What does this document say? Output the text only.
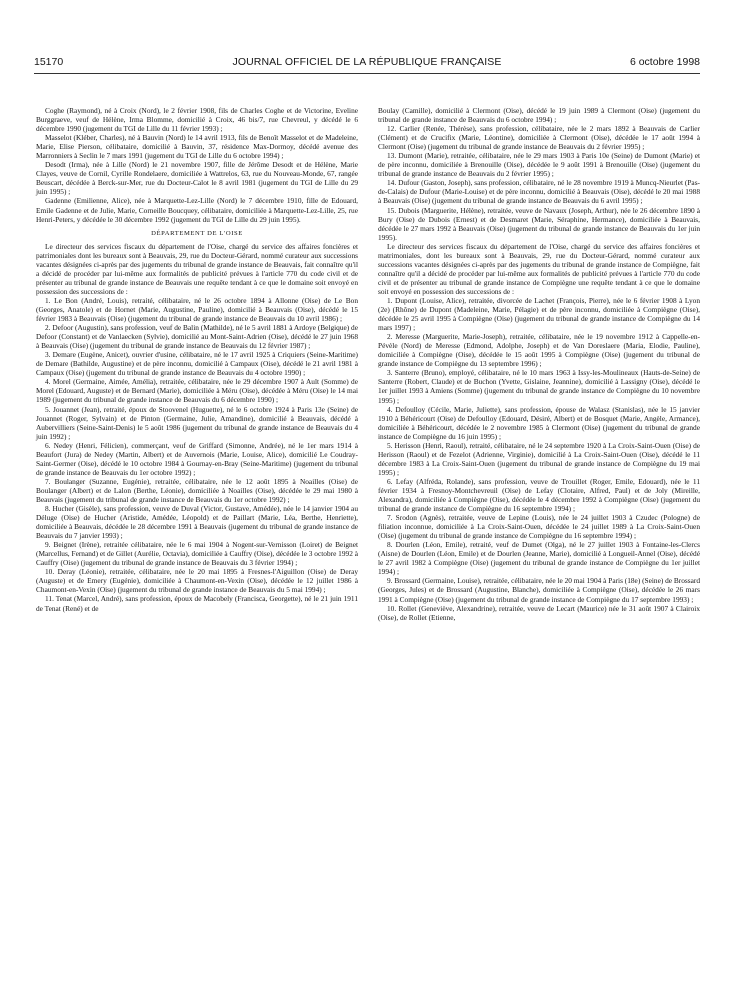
15170	JOURNAL OFFICIEL DE LA RÉPUBLIQUE FRANÇAISE	6 octobre 1998

Coghe (Raymond), né à Croix (Nord), le 2 février 1908, fils de Charles Coghe et de Victorine, Eveline Burggraeve, veuf de Hélène, Irma Blomme, domicilié à Croix, 46 bis/7, rue Chevreul, y décédé le 6 décembre 1990 (jugement du TGI de Lille du 11 février 1993) ;

Masselot (Kléber, Charles), né à Bauvin (Nord) le 14 avril 1913, fils de Benoît Masselot et de Madeleine, Marie, Elise Pierson, célibataire, domicilié à Bauvin, 37, résidence Max-Dormoy, décédé avenue des Marronniers à Seclin le 7 mars 1991 (jugement du TGI de Lille du 6 octobre 1994) ;

Desodt (Irma), née à Lille (Nord) le 21 novembre 1907, fille de Jérôme Desodt et de Hélène, Marie Clayes, veuve de Cornil, Cyrille Rondelaere, domiciliée à Wattrelos, 63, rue du Nouveau-Monde, 67, rangée Beuscart, décédée à Berck-sur-Mer, rue du Docteur-Calot le 8 avril 1981 (jugement du TGI de Lille du 29 juin 1995) ;

Gadenne (Emilienne, Alice), née à Marquette-Lez-Lille (Nord) le 7 décembre 1910, fille de Edouard, Emile Gadenne et de Julie, Marie, Corneille Boucquey, célibataire, domiciliée à Marquette-Lez-Lille, 25, rue Henri-Peters, y décédée le 30 décembre 1992 (jugement du TGI de Lille du 29 juin 1995).

DÉPARTEMENT DE L'OISE

Le directeur des services fiscaux du département de l'Oise, chargé du service des affaires foncières et patrimoniales dont les bureaux sont à Beauvais, 29, rue du Docteur-Gérard, nommé curateur aux successions vacantes désignées ci-après par des jugements du tribunal de grande instance de Beauvais, fait connaître qu'il a décidé de procéder par lui-même aux formalités de publicité prévues à l'article 770 du code civil et de présenter au tribunal de grande instance de Beauvais une requête tendant à ce que le domaine soit envoyé en possession des successions de :

1. Le Bon (André, Louis), retraité, célibataire, né le 26 octobre 1894 à Allonne (Oise) de Le Bon (Georges, Anatole) et de Hornet (Marie, Augustine, Pauline), domicilié à Beauvais (Oise), décédé le 15 février 1983 à Beauvais (Oise) (jugement du tribunal de grande instance de Beauvais du 10 avril 1986) ;

2. Defoor (Augustin), sans profession, veuf de Balin (Mathilde), né le 5 avril 1881 à Ardoye (Belgique) de Defoor (Constant) et de Vanlaecken (Sylvie), domicilié au Mont-Saint-Adrien (Oise), décédé le 27 juin 1968 à Beauvais (Oise) (jugement du tribunal de grande instance de Beauvais du 12 février 1987) ;

3. Demare (Eugène, Anicet), ouvrier d'usine, célibataire, né le 17 avril 1925 à Criquiers (Seine-Maritime) de Demare (Bathilde, Augustine) et de père inconnu, domicilié à Campaux (Oise), décédé le 21 avril 1981 à Campaux (Oise) (jugement du tribunal de grande instance de Beauvais du 4 octobre 1990) ;

4. Morel (Germaine, Aimée, Amélia), retraitée, célibataire, née le 29 décembre 1907 à Ault (Somme) de Morel (Edouard, Auguste) et de Bernard (Marie), domiciliée à Méru (Oise), décédée à Méru (Oise) le 14 mai 1989 (jugement du tribunal de grande instance de Beauvais du 6 décembre 1990) ;

5. Jouannet (Jean), retraité, époux de Stoovenel (Huguette), né le 6 octobre 1924 à Paris 13e (Seine) de Jouannet (Roger, Sylvain) et de Pinton (Germaine, Julie, Amandine), domicilié à Beauvais, décédé à Aubervilliers (Seine-Saint-Denis) le 5 août 1986 (jugement du tribunal de grande instance de Beauvais du 4 juin 1992) ;

6. Nedey (Henri, Félicien), commerçant, veuf de Griffard (Simonne, Andrée), né le 1er mars 1914 à Beaufort (Jura) de Nedey (Martin, Albert) et de Auvernois (Marie, Louise, Alice), domicilié Le Coudray-Saint-Germer (Oise), décédé le 10 octobre 1984 à Gournay-en-Bray (Seine-Maritime) (jugement du tribunal de grande instance de Beauvais du 1er octobre 1992) ;

7. Boulanger (Suzanne, Eugénie), retraitée, célibataire, née le 12 août 1895 à Noailles (Oise) de Boulanger (Albert) et de Lalon (Berthe, Léonie), domiciliée à Noailles (Oise), décédée le 29 mai 1980 à Beauvais (jugement du tribunal de grande instance de Beauvais du 1er octobre 1992) ;

8. Hucher (Gisèle), sans profession, veuve de Duval (Victor, Gustave, Amédée), née le 14 janvier 1904 au Déluge (Oise) de Hucher (Aristide, Amédée, Léopold) et de Paillart (Marie, Léa, Berthe, Henriette), domiciliée à Beauvais, décédée le 28 décembre 1991 à Beauvais (jugement du tribunal de grande instance de Beauvais du 7 janvier 1993) ;

9. Beignet (Irène), retraitée célibataire, née le 6 mai 1904 à Nogent-sur-Vernisson (Loiret) de Beignet (Marcellus, Fernand) et de Gillet (Aurélie, Octavia), domiciliée à Cauffry (Oise), décédée le 3 octobre 1992 à Cauffry (Oise) (jugement du tribunal de grande instance de Beauvais du 3 février 1994) ;

10. Deray (Léonie), retraitée, célibataire, née le 20 mai 1895 à Fresnes-l'Aiguillon (Oise) de Deray (Auguste) et de Emery (Eugénie), domiciliée à Chaumont-en-Vexin (Oise), décédée le 12 juillet 1986 à Chaumont-en-Vexin (Oise) (jugement du tribunal de grande instance de Beauvais du 5 mai 1994) ;

11. Tenat (Marcel, André), sans profession, époux de Macobely (Francisca, Georgette), né le 21 juin 1911 de Tenat (René) et de

Boulay (Camille), domicilié à Clermont (Oise), décédé le 19 juin 1989 à Clermont (Oise) (jugement du tribunal de grande instance de Beauvais du 6 octobre 1994) ;

12. Carlier (Renée, Thérèse), sans profession, célibataire, née le 2 mars 1892 à Beauvais de Carlier (Clément) et de Crucifix (Marie, Léontine), domiciliée à Clermont (Oise), décédée le 17 août 1994 à Clermont (Oise) (jugement du tribunal de grande instance de Beauvais du 2 février 1995) ;

13. Dumont (Marie), retraitée, célibataire, née le 29 mars 1903 à Paris 10e (Seine) de Dumont (Marie) et de père inconnu, domiciliée à Brenouille (Oise), décédée le 9 août 1991 à Brenouille (Oise) (jugement du tribunal de grande instance de Beauvais du 2 février 1995) ;

14. Dufour (Gaston, Joseph), sans profession, célibataire, né le 28 novembre 1919 à Muncq-Nieurlet (Pas-de-Calais) de Dufour (Marie-Louise) et de père inconnu, domicilié à Beauvais (Oise), décédé le 20 mai 1988 à Beauvais (Oise) (jugement du tribunal de grande instance de Beauvais du 6 avril 1995) ;

15. Dubois (Marguerite, Hélène), retraitée, veuve de Navaux (Joseph, Arthur), née le 26 décembre 1890 à Bury (Oise) de Dubois (Ernest) et de Desmaret (Marie, Séraphine, Hermance), domiciliée à Beauvais, décédée le 27 mars 1992 à Beauvais (Oise) (jugement du tribunal de grande instance de Beauvais du 1er juin 1995).

Le directeur des services fiscaux du département de l'Oise, chargé du service des affaires foncières et matrimoniales, dont les bureaux sont à Beauvais, 29, rue du Docteur-Gérard, nommé curateur aux successions vacantes désignées ci-après par des jugements du tribunal de grande instance de Compiègne, fait connaître qu'il a décidé de procéder par lui-même aux formalités de publicité prévues à l'article 770 du code civil et de présenter au tribunal de grande instance de Compiègne une requête tendant à ce que le domaine soit envoyé en possession des successions de :

1. Dupont (Louise, Alice), retraitée, divorcée de Lachet (François, Pierre), née le 6 février 1908 à Lyon (2e) (Rhône) de Dupont (Madeleine, Marie, Pélagie) et de père inconnu, domiciliée à Compiègne (Oise), décédée le 25 avril 1995 à Compiègne (Oise) (jugement du tribunal de grande instance de Compiègne du 14 mars 1997) ;

2. Meresse (Marguerite, Marie-Joseph), retraitée, célibataire, née le 19 novembre 1912 à Cappelle-en-Pévèle (Nord) de Meresse (Edmond, Adolphe, Joseph) et de Van Doreslaere (Maria, Elodie, Pauline), domiciliée à Compiègne (Oise), décédée le 15 août 1995 à Compiègne (Oise) (jugement du tribunal de grande instance de Compiègne du 13 septembre 1996) ;

3. Santerre (Bruno), employé, célibataire, né le 10 mars 1963 à Issy-les-Moulineaux (Hauts-de-Seine) de Santerre (Robert, Claude) et de Buchon (Yvette, Gislaine, Jeannine), domicilié à Lassigny (Oise), décédé le 1er juillet 1993 à Amiens (Somme) (jugement du tribunal de grande instance de Compiègne du 10 novembre 1995) ;

4. Defoulloy (Cécile, Marie, Juliette), sans profession, épouse de Walasz (Stanislas), née le 15 janvier 1910 à Béhéricourt (Oise) de Defoulloy (Edouard, Désiré, Albert) et de Bosquet (Marie, Angèle, Armance), domiciliée à Béhéricourt, décédée le 2 novembre 1985 à Clermont (Oise) (jugement du tribunal de grande instance de Compiègne du 16 juin 1995) ;

5. Herisson (Henri, Raoul), retraité, célibataire, né le 24 septembre 1920 à La Croix-Saint-Ouen (Oise) de Herisson (Raoul) et de Fezelot (Adrienne, Virginie), domicilié à La Croix-Saint-Ouen (Oise), décédé le 11 décembre 1983 à La Croix-Saint-Ouen (jugement du tribunal de grande instance de Compiègne du 19 mai 1995) ;

6. Lefay (Alfréda, Rolande), sans profession, veuve de Trouillet (Roger, Emile, Edouard), née le 11 février 1934 à Fresnoy-Montchevreuil (Oise) de Lefay (Clotaire, Alfred, Paul) et de Joly (Mireille, Alexandra), domiciliée à Compiègne (Oise), décédée le 4 décembre 1992 à Compiègne (Oise) (jugement du tribunal de grande instance de Compiègne du 16 septembre 1994) ;

7. Srodon (Agnès), retraitée, veuve de Lepine (Louis), née le 24 juillet 1903 à Czudec (Pologne) de filiation inconnue, domiciliée à La Croix-Saint-Ouen, décédée le 24 juillet 1989 à La Croix-Saint-Ouen (Oise) (jugement du tribunal de grande instance de Compiègne du 16 septembre 1994) ;

8. Dourlen (Léon, Emile), retraité, veuf de Dumet (Olga), né le 27 juillet 1903 à Fontaine-les-Clercs (Aisne) de Dourlen (Léon, Emile) et de Dourlen (Jeanne, Marie), domicilié à Longueil-Annel (Oise), décédé le 27 avril 1982 à Compiègne (Oise) (jugement du tribunal de grande instance de Compiègne du 1er juillet 1994) ;

9. Brossard (Germaine, Louise), retraitée, célibataire, née le 20 mai 1904 à Paris (18e) (Seine) de Brossard (Georges, Jules) et de Brossard (Augustine, Blanche), domiciliée à Compiègne (Oise), décédée le 26 mars 1991 à Compiègne (Oise) (jugement du tribunal de grande instance de Compiègne du 17 septembre 1993) ;

10. Rollet (Geneviève, Alexandrine), retraitée, veuve de Lecart (Maurice) née le 31 août 1907 à Clairoix (Oise), de Rollet (Etienne,
